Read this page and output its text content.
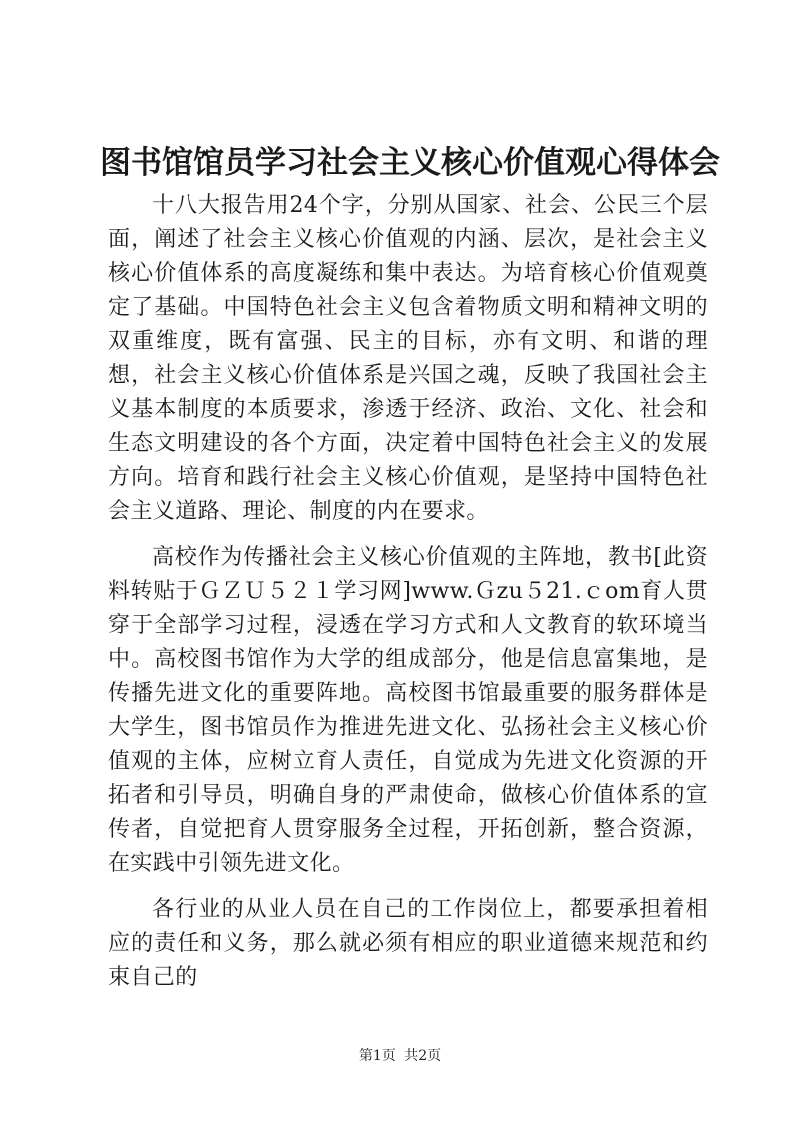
图书馆馆员学习社会主义核心价值观心得体会

十八大报告用24个字，分别从国家、社会、公民三个层面，阐述了社会主义核心价值观的内涵、层次，是社会主义核心价值体系的高度凝练和集中表达。为培育核心价值观奠定了基础。中国特色社会主义包含着物质文明和精神文明的双重维度，既有富强、民主的目标，亦有文明、和谐的理想，社会主义核心价值体系是兴国之魂，反映了我国社会主义基本制度的本质要求，渗透于经济、政治、文化、社会和生态文明建设的各个方面，决定着中国特色社会主义的发展方向。培育和践行社会主义核心价值观，是坚持中国特色社会主义道路、理论、制度的内在要求。

高校作为传播社会主义核心价值观的主阵地，教书[此资料转贴于ＧＺＵ５２１学习网]www.Ｇzu５21.ｃom育人贯穿于全部学习过程，浸透在学习方式和人文教育的软环境当中。高校图书馆作为大学的组成部分，他是信息富集地，是传播先进文化的重要阵地。高校图书馆最重要的服务群体是大学生，图书馆员作为推进先进文化、弘扬社会主义核心价值观的主体，应树立育人责任，自觉成为先进文化资源的开拓者和引导员，明确自身的严肃使命，做核心价值体系的宣传者，自觉把育人贯穿服务全过程，开拓创新，整合资源，在实践中引领先进文化。

各行业的从业人员在自己的工作岗位上，都要承担着相应的责任和义务，那么就必须有相应的职业道德来规范和约束自己的

第1页 共2页
